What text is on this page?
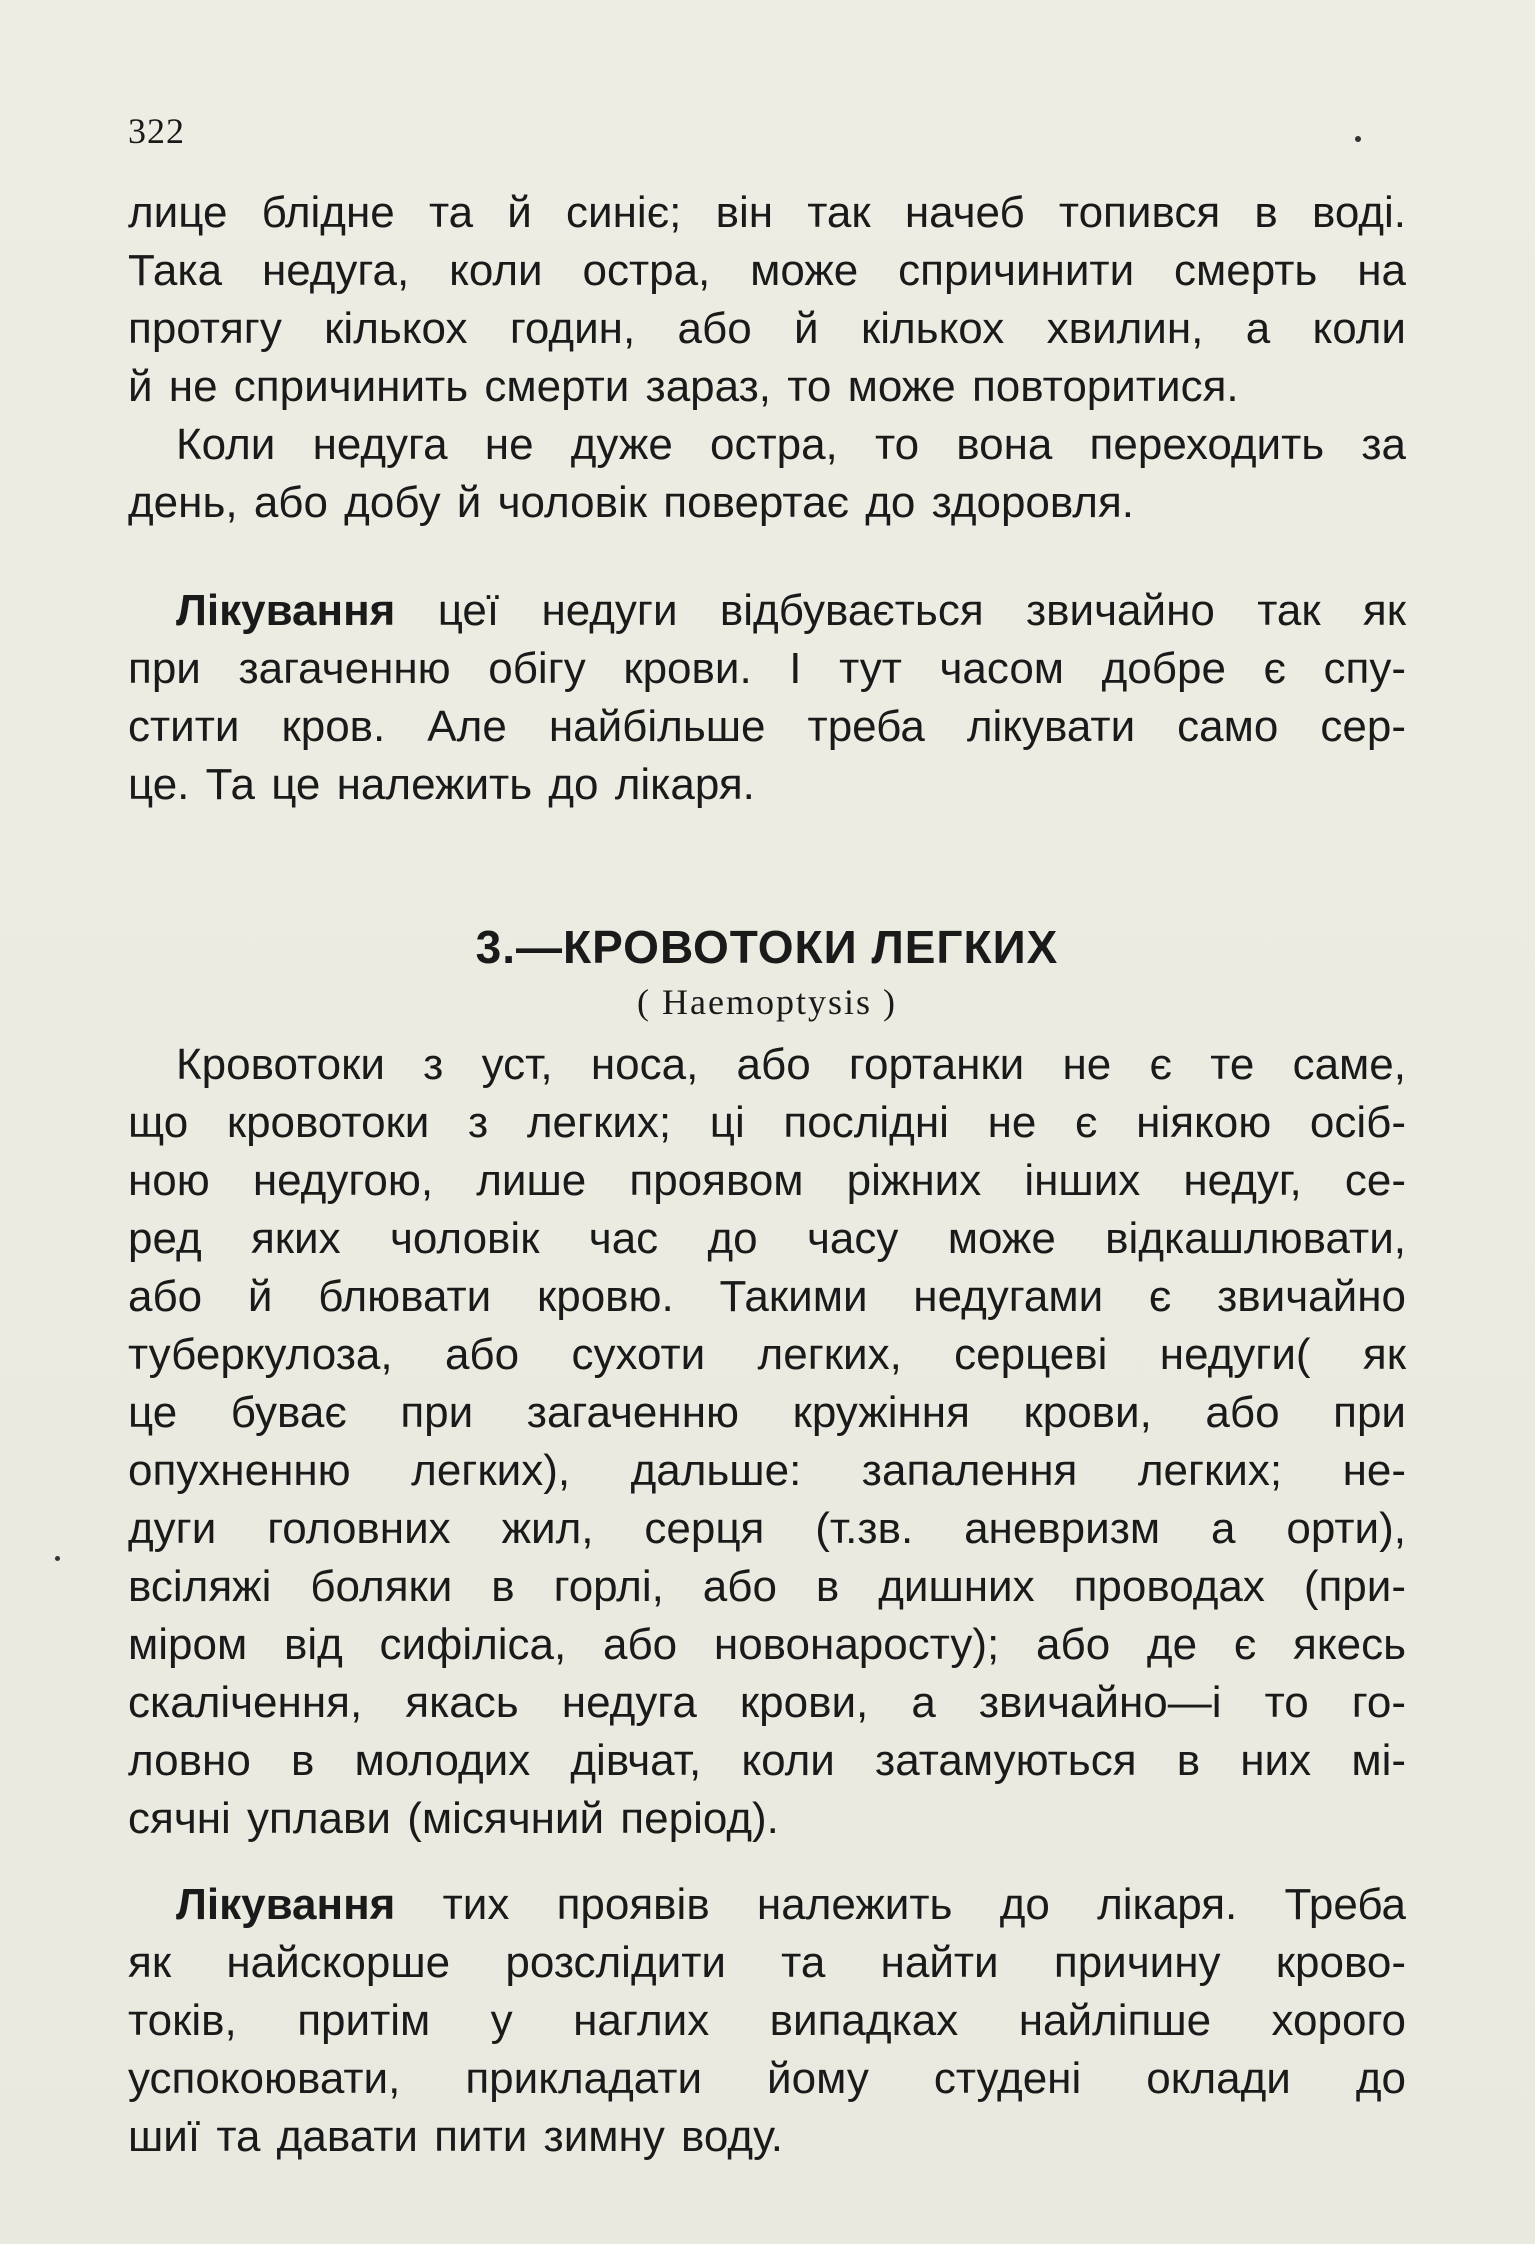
322
лице блідне та й синіє; він так начеб топився в воді.
Така недуга, коли остра, може спричинити смерть на
протягу кількох годин, або й кількох хвилин, а коли
й не спричинить смерти зараз, то може повторитися.
Коли недуга не дуже остра, то вона переходить за
день, або добу й чоловік повертає до здоровля.
Лікування цеї недуги відбувається звичайно так як
при загаченню обігу крови. І тут часом добре є спу-
стити кров. Але найбільше треба лікувати само сер-
це. Та це належить до лікаря.
3.—КРОВОТОКИ ЛЕГКИХ
( Haemoptysis )
Кровотоки з уст, носа, або гортанки не є те саме,
що кровотоки з легких; ці послідні не є ніякою осіб-
ною недугою, лише проявом ріжних інших недуг, се-
ред яких чоловік час до часу може відкашлювати,
або й блювати кровю. Такими недугами є звичайно
туберкулоза, або сухоти легких, серцеві недуги( як
це буває при загаченню кружіння крови, або при
опухненню легких), дальше: запалення легких; не-
дуги головних жил, серця (т.зв. аневризм а орти),
всіляжі боляки в горлі, або в дишних проводах (при-
міром від сифіліса, або новонаросту); або де є якесь
скалічення, якась недуга крови, а звичайно—і то го-
ловно в молодих дівчат, коли затамуються в них мі-
сячні уплави (місячний період).
Лікування тих проявів належить до лікаря. Треба
як найскорше розслідити та найти причину крово-
токів, притім у наглих випадках найліпше хорого
успокоювати, прикладати йому студені оклади до
шиї та давати пити зимну воду.
